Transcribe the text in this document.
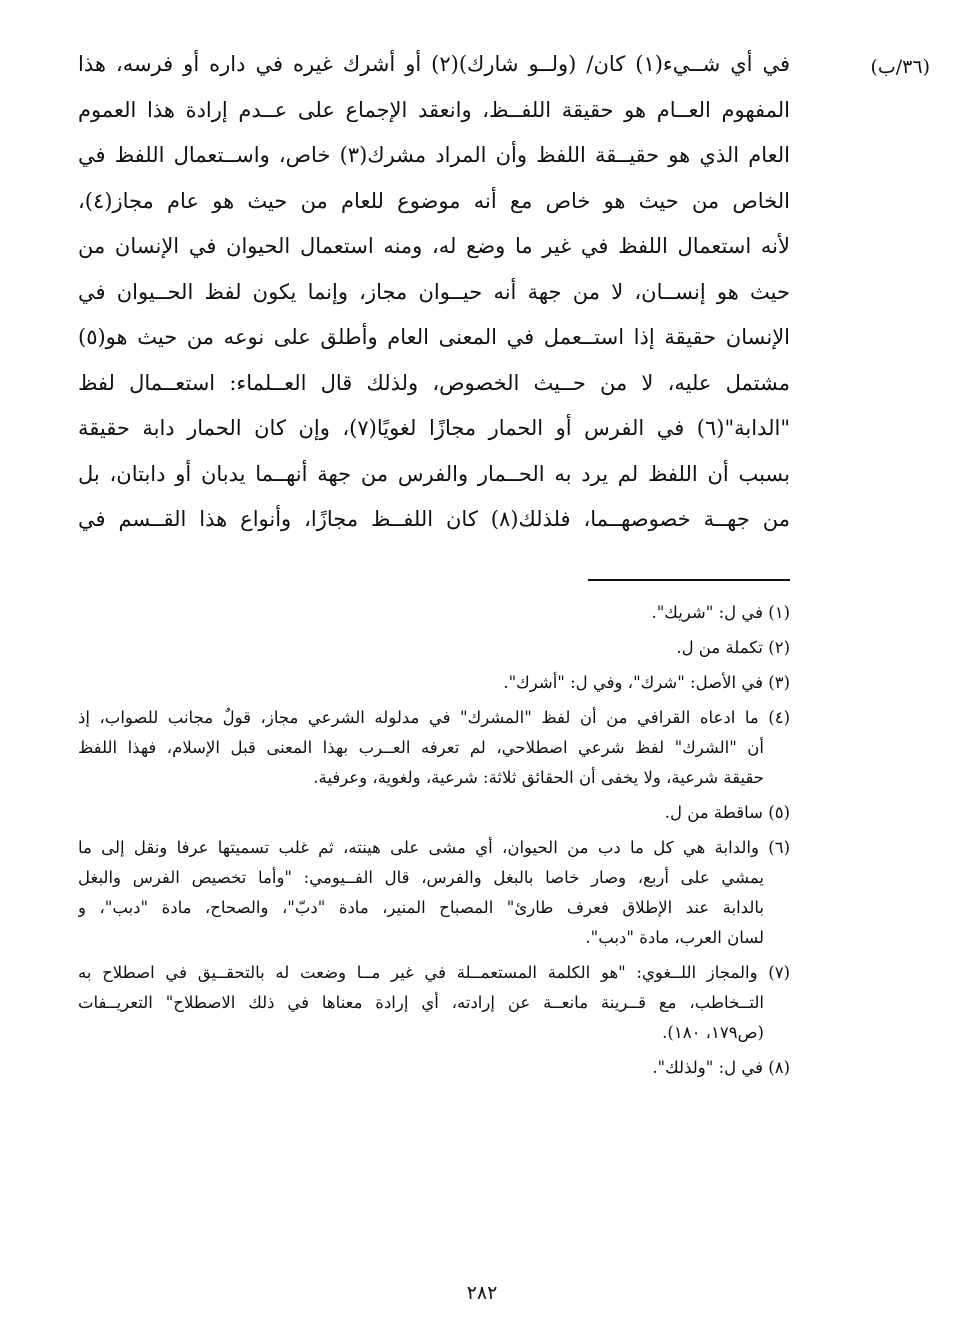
(٣٦/ب)
في أي شــيء(١) كان/ (ولــو شارك)(٢) أو أشرك غيره في داره أو فرسه، هذا
المفهوم العــام هو حقيقة اللفــظ، وانعقد الإجماع على عــدم إرادة هذا العموم
العام الذي هو حقيــقة اللفظ وأن المراد مشرك(٣) خاص، واســتعمال اللفظ في
الخاص من حيث هو خاص مع أنه موضوع للعام من حيث هو عام مجاز(٤)،
لأنه استعمال اللفظ في غير ما وضع له، ومنه استعمال الحيوان في الإنسان من
حيث هو إنســان، لا من جهة أنه حيــوان مجاز، وإنما يكون لفظ الحــيوان في
الإنسان حقيقة إذا استــعمل في المعنى العام وأطلق على نوعه من حيث هو(٥)
مشتمل عليه، لا من حــيث الخصوص، ولذلك قال العــلماء: استعــمال لفظ
"الدابة"(٦) في الفرس أو الحمار مجازًا لغويًا(٧)، وإن كان الحمار دابة حقيقة
بسبب أن اللفظ لم يرد به الحــمار والفرس من جهة أنهــما يدبان أو دابتان، بل
من جهــة خصوصهــما، فلذلك(٨) كان اللفــظ مجازًا، وأنواع هذا القــسم في
(١) في ل: "شريك".
(٢) تكملة من ل.
(٣) في الأصل: "شرك"، وفي ل: "أشرك".
(٤) ما ادعاه القرافي من أن لفظ "المشرك" في مدلوله الشرعي مجاز، قولٌ مجانب للصواب، إذ
أن "الشرك" لفظ شرعي اصطلاحي، لم تعرفه العــرب بهذا المعنى قبل الإسلام، فهذا اللفظ
حقيقة شرعية، ولا يخفى أن الحقائق ثلاثة: شرعية، ولغوية، وعرفية.
(٥) ساقطة من ل.
(٦) والدابة هي كل ما دب من الحيوان، أي مشى على هينته، ثم غلب تسميتها عرفا ونقل إلى ما
يمشي على أربع، وصار خاصا بالبغل والفرس، قال الفــيومي: "وأما تخصيص الفرس والبغل
بالدابة عند الإطلاق فعرف طارئ" المصباح المنير، مادة "دبّ"، والصحاح، مادة "دبب"، و
لسان العرب، مادة "دبب".
(٧) والمجاز اللــغوي: "هو الكلمة المستعمــلة في غير مــا وضعت له بالتحقــيق في اصطلاح به
التــخاطب، مع قــرينة مانعــة عن إرادته، أي إرادة معناها في ذلك الاصطلاح" التعريــفات
(ص١٧٩، ١٨٠).
(٨) في ل: "ولذلك".
٢٨٢
